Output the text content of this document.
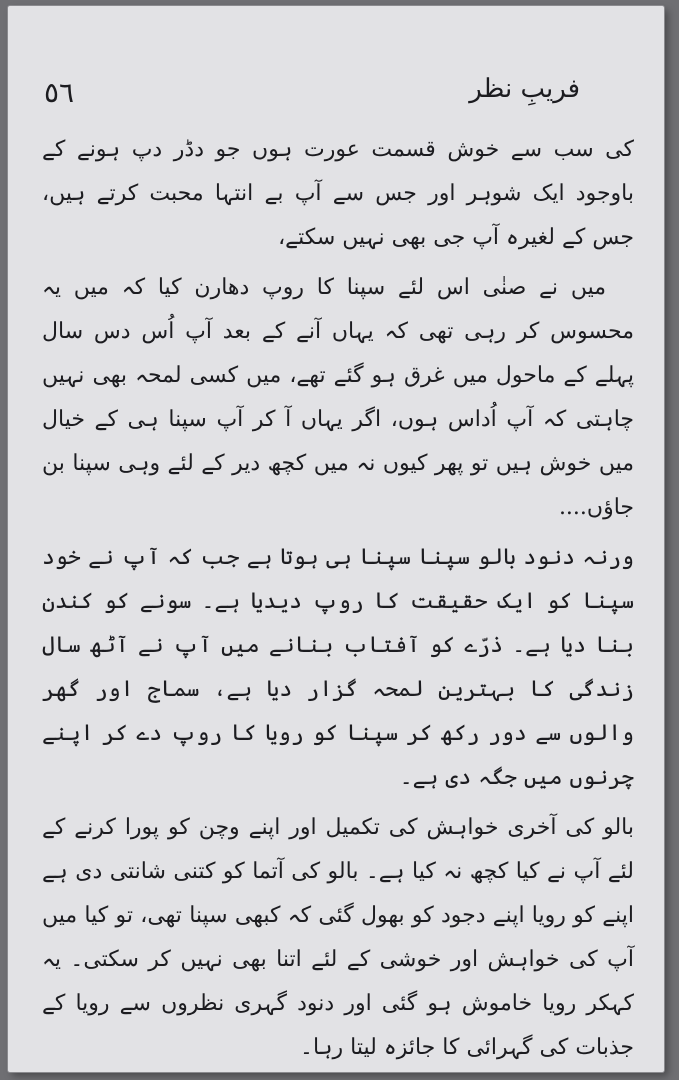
٥٦	فریبِ نظر

کی سب سے خوش قسمت عورت ہوں جو دڈر دپ ہونے کے باوجود ایک شوہر اور جس سے آپ بے انتہا محبت کرتے ہیں، جس کے لغیرہ آپ جی بھی نہیں سکتے،

میں نے صنٰی اس لئے سپنا کا روپ دھارن کیا کہ میں یہ محسوس کر رہی تھی کہ یہاں آنے کے بعد آپ اُس دس سال پہلے کے ماحول میں غرق ہو گئے تھے، میں کسی لمحہ بھی نہیں چاہتی کہ آپ اُداس ہوں، اگر یہاں آ کر آپ سپنا ہی کے خیال میں خوش ہیں تو پھر کیوں نہ میں کچھ دیر کے لئے وہی سپنا بن جاؤں....

ورنہ دنود بالو سپنا سپنا ہی ہوتا ہے جب کہ آپ نے خود سپنا کو ایک حقیقت کا روپ دیدیا ہے۔ سونے کو کندن بنا دیا ہے۔ ذرّے کو آفتاب بنانے میں آپ نے آٹھ سال زندگی کا بہترین لمحہ گزار دیا ہے، سماج اور گھر والوں سے دور رکھ کر سپنا کو رویا کا روپ دے کر اپنے چرنوں میں جگہ دی ہے۔

بالو کی آخری خواہش کی تکمیل اور اپنے وچن کو پورا کرنے کے لئے آپ نے کیا کچھ نہ کیا ہے۔ بالو کی آتما کو کتنی شانتی دی ہے اپنے کو رویا اپنے دجود کو بھول گئی کہ کبھی سپنا تھی، تو کیا میں آپ کی خواہش اور خوشی کے لئے اتنا بھی نہیں کر سکتی۔ یہ کہکر رویا خاموش ہو گئی اور دنود گہری نظروں سے رویا کے جذبات کی گہرائی کا جائزہ لیتا رہا۔
